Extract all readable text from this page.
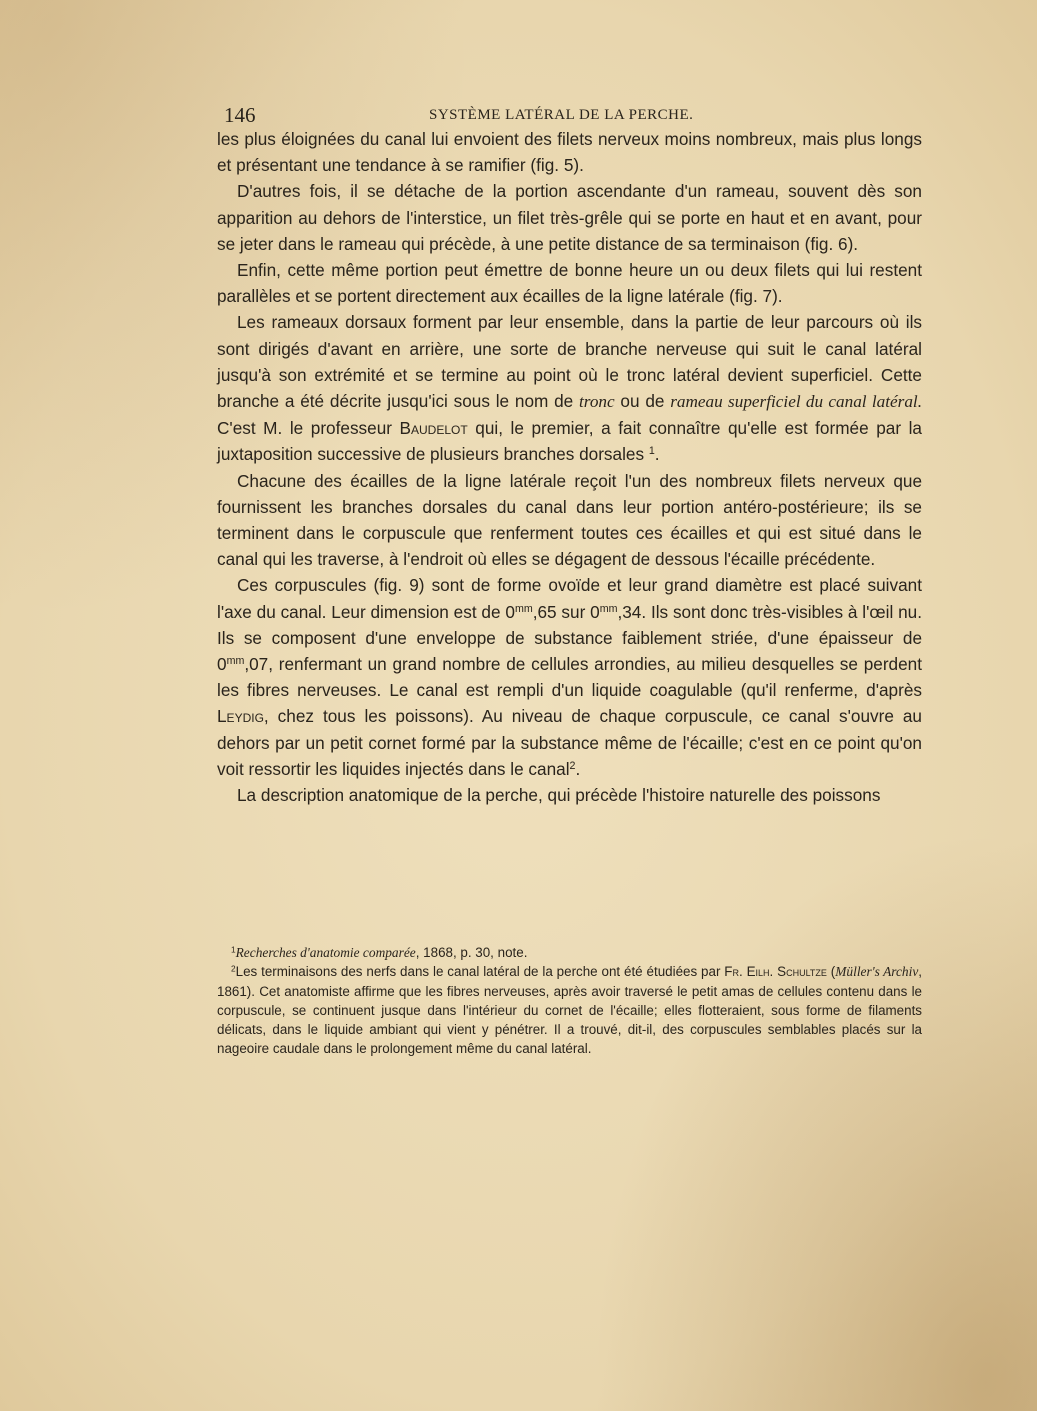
146	SYSTÈME LATÉRAL DE LA PERCHE.

les plus éloignées du canal lui envoient des filets nerveux moins nombreux, mais plus longs et présentant une tendance à se ramifier (fig. 5).

D'autres fois, il se détache de la portion ascendante d'un rameau, souvent dès son apparition au dehors de l'interstice, un filet très-grêle qui se porte en haut et en avant, pour se jeter dans le rameau qui précède, à une petite distance de sa terminaison (fig. 6).

Enfin, cette même portion peut émettre de bonne heure un ou deux filets qui lui restent parallèles et se portent directement aux écailles de la ligne latérale (fig. 7).

Les rameaux dorsaux forment par leur ensemble, dans la partie de leur parcours où ils sont dirigés d'avant en arrière, une sorte de branche nerveuse qui suit le canal latéral jusqu'à son extrémité et se termine au point où le tronc latéral devient superficiel. Cette branche a été décrite jusqu'ici sous le nom de tronc ou de rameau superficiel du canal latéral. C'est M. le professeur Baudelot qui, le premier, a fait connaître qu'elle est formée par la juxtaposition successive de plusieurs branches dorsales $^1$.

Chacune des écailles de la ligne latérale reçoit l'un des nombreux filets nerveux que fournissent les branches dorsales du canal dans leur portion antéro-postérieure; ils se terminent dans le corpuscule que renferment toutes ces écailles et qui est situé dans le canal qui les traverse, à l'endroit où elles se dégagent de dessous l'écaille précédente.

Ces corpuscules (fig. 9) sont de forme ovoïde et leur grand diamètre est placé suivant l'axe du canal. Leur dimension est de $0^{mm},65$ sur $0^{mm},34$. Ils sont donc très-visibles à l'œil nu. Ils se composent d'une enveloppe de substance faiblement striée, d'une épaisseur de $0^{mm},07$, renfermant un grand nombre de cellules arrondies, au milieu desquelles se perdent les fibres nerveuses. Le canal est rempli d'un liquide coagulable (qu'il renferme, d'après Leydig, chez tous les poissons). Au niveau de chaque corpuscule, ce canal s'ouvre au dehors par un petit cornet formé par la substance même de l'écaille; c'est en ce point qu'on voit ressortir les liquides injectés dans le canal$^2$.

La description anatomique de la perche, qui précède l'histoire naturelle des poissons

$^1$Recherches d'anatomie comparée, 1868, p. 30, note.

$^2$Les terminaisons des nerfs dans le canal latéral de la perche ont été étudiées par Fr. Eilh. Schultze (Müller's Archiv, 1861). Cet anatomiste affirme que les fibres nerveuses, après avoir traversé le petit amas de cellules contenu dans le corpuscule, se continuent jusque dans l'intérieur du cornet de l'écaille; elles flotteraient, sous forme de filaments délicats, dans le liquide ambiant qui vient y pénétrer. Il a trouvé, dit-il, des corpuscules semblables placés sur la nageoire caudale dans le prolongement même du canal latéral.
